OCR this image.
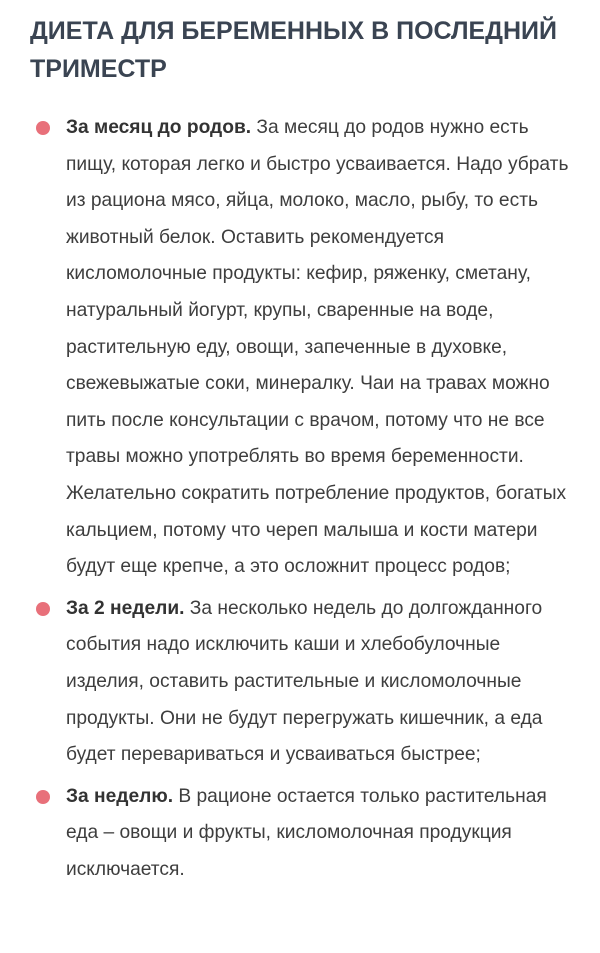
ДИЕТА ДЛЯ БЕРЕМЕННЫХ В ПОСЛЕДНИЙ ТРИМЕСТР
За месяц до родов. За месяц до родов нужно есть пищу, которая легко и быстро усваивается. Надо убрать из рациона мясо, яйца, молоко, масло, рыбу, то есть животный белок. Оставить рекомендуется кисломолочные продукты: кефир, ряженку, сметану, натуральный йогурт, крупы, сваренные на воде, растительную еду, овощи, запеченные в духовке, свежевыжатые соки, минералку. Чаи на травах можно пить после консультации с врачом, потому что не все травы можно употреблять во время беременности. Желательно сократить потребление продуктов, богатых кальцием, потому что череп малыша и кости матери будут еще крепче, а это осложнит процесс родов;
За 2 недели. За несколько недель до долгожданного события надо исключить каши и хлебобулочные изделия, оставить растительные и кисломолочные продукты. Они не будут перегружать кишечник, а еда будет перевариваться и усваиваться быстрее;
За неделю. В рационе остается только растительная еда – овощи и фрукты, кисломолочная продукция исключается.
